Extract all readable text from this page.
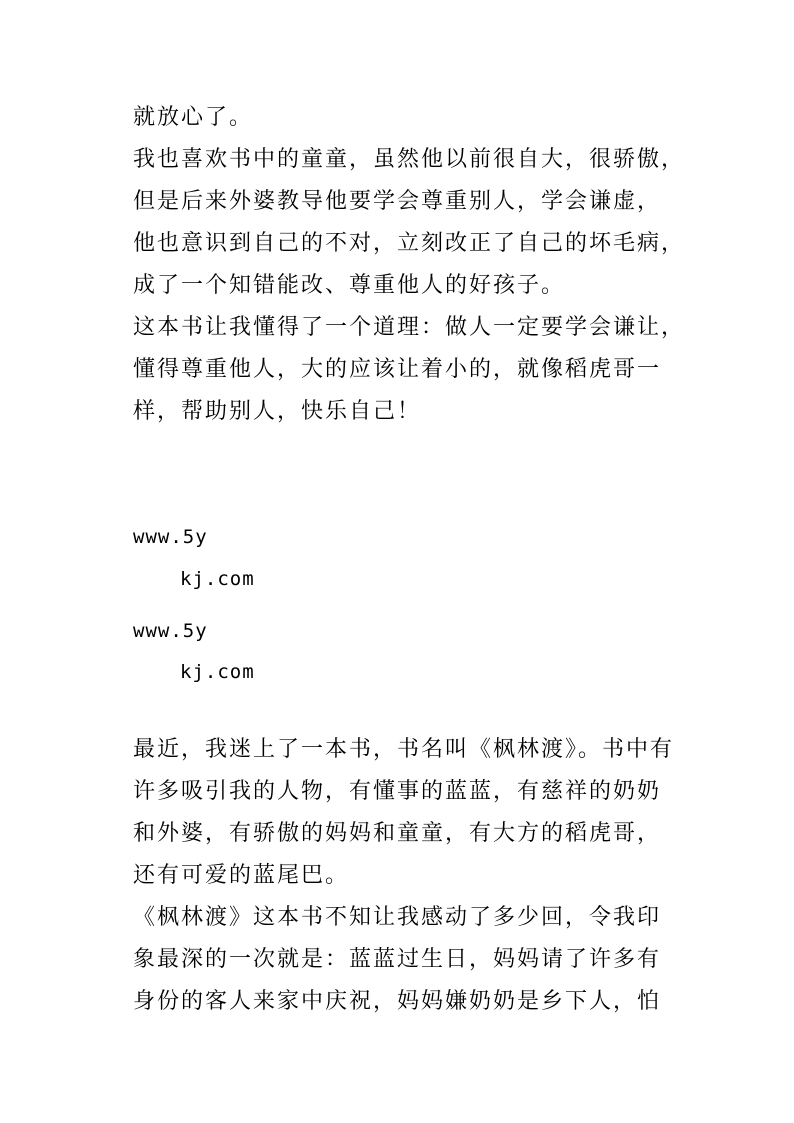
就放心了。
我也喜欢书中的童童，虽然他以前很自大，很骄傲，
但是后来外婆教导他要学会尊重别人，学会谦虚，
他也意识到自己的不对，立刻改正了自己的坏毛病，
成了一个知错能改、尊重他人的好孩子。
这本书让我懂得了一个道理：做人一定要学会谦让，
懂得尊重他人，大的应该让着小的，就像稻虎哥一
样，帮助别人，快乐自己！
www.5y
kj.com
www.5y
kj.com
最近，我迷上了一本书，书名叫《枫林渡》。书中有
许多吸引我的人物，有懂事的蓝蓝，有慈祥的奶奶
和外婆，有骄傲的妈妈和童童，有大方的稻虎哥，
还有可爱的蓝尾巴。
《枫林渡》这本书不知让我感动了多少回，令我印
象最深的一次就是：蓝蓝过生日，妈妈请了许多有
身份的客人来家中庆祝，妈妈嫌奶奶是乡下人，怕
